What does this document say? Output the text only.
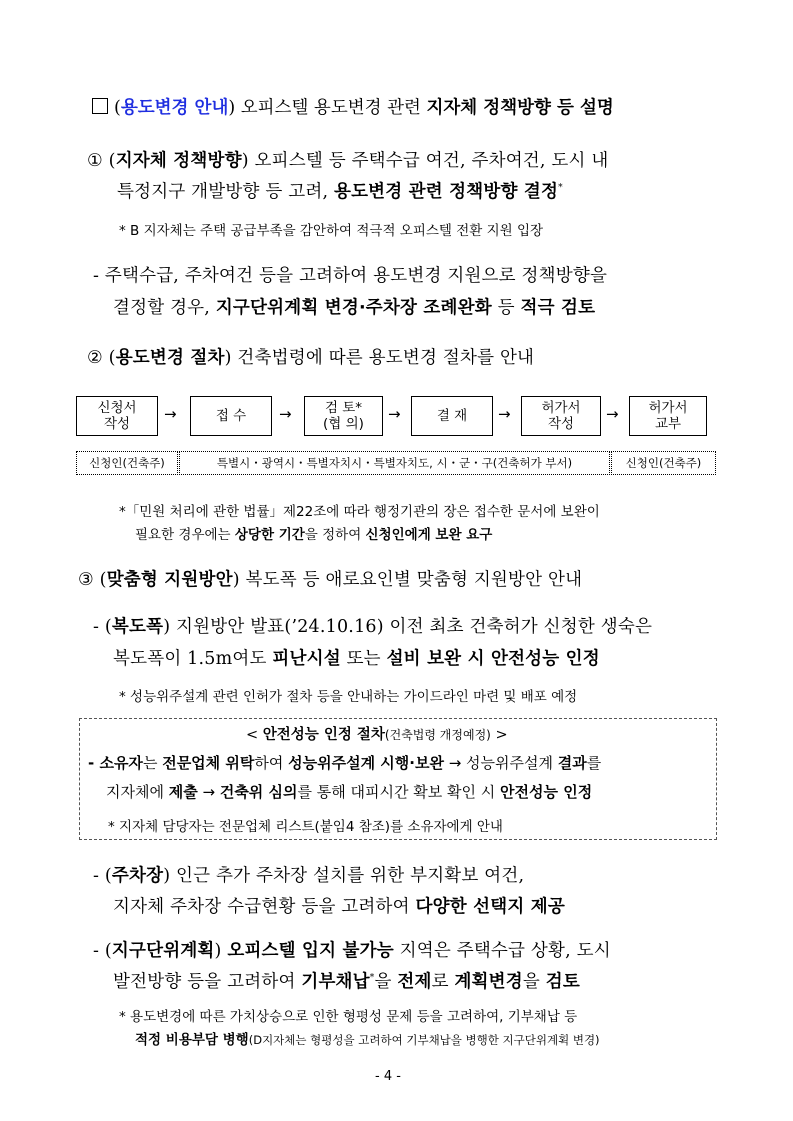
(용도변경 안내) 오피스텔 용도변경 관련 지자체 정책방향 등 설명
① (지자체 정책방향) 오피스텔 등 주택수급 여건, 주차여건, 도시 내
특정지구 개발방향 등 고려, 용도변경 관련 정책방향 결정*
* B 지자체는 주택 공급부족을 감안하여 적극적 오피스텔 전환 지원 입장
- 주택수급, 주차여건 등을 고려하여 용도변경 지원으로 정책방향을
결정할 경우, 지구단위계획 변경·주차장 조례완화 등 적극 검토
② (용도변경 절차) 건축법령에 따른 용도변경 절차를 안내
신청서
작성
→	접 수 → 검 토*
(협 의)
→	결 재 → 허가서
작성
→ 허가서
교부
신청인(건축주)	특별시・광역시・특별자치시・특별자치도, 시・군・구(건축허가 부서)	신청인(건축주)
*「민원 처리에 관한 법률」제22조에 따라 행정기관의 장은 접수한 문서에 보완이
필요한 경우에는 상당한 기간을 정하여 신청인에게 보완 요구
③ (맞춤형 지원방안) 복도폭 등 애로요인별 맞춤형 지원방안 안내
- (복도폭) 지원방안 발표(’24.10.16) 이전 최초 건축허가 신청한 생숙은
복도폭이 1.5m여도 피난시설 또는 설비 보완 시 안전성능 인정
* 성능위주설계 관련 인허가 절차 등을 안내하는 가이드라인 마련 및 배포 예정
< 안전성능 인정 절차(건축법령 개정예정) >
- 소유자는 전문업체 위탁하여 성능위주설계 시행·보완 → 성능위주설계 결과를
지자체에 제출 → 건축위 심의를 통해 대피시간 확보 확인 시 안전성능 인정
* 지자체 담당자는 전문업체 리스트(붙임4 참조)를 소유자에게 안내
- (주차장) 인근 추가 주차장 설치를 위한 부지확보 여건,
지자체 주차장 수급현황 등을 고려하여 다양한 선택지 제공
- (지구단위계획) 오피스텔 입지 불가능 지역은 주택수급 상황, 도시
발전방향 등을 고려하여 기부채납*을 전제로 계획변경을 검토
* 용도변경에 따른 가치상승으로 인한 형평성 문제 등을 고려하여, 기부채납 등
적정 비용부담 병행(D지자체는 형평성을 고려하여 기부채납을 병행한 지구단위계획 변경)
- 4 -
